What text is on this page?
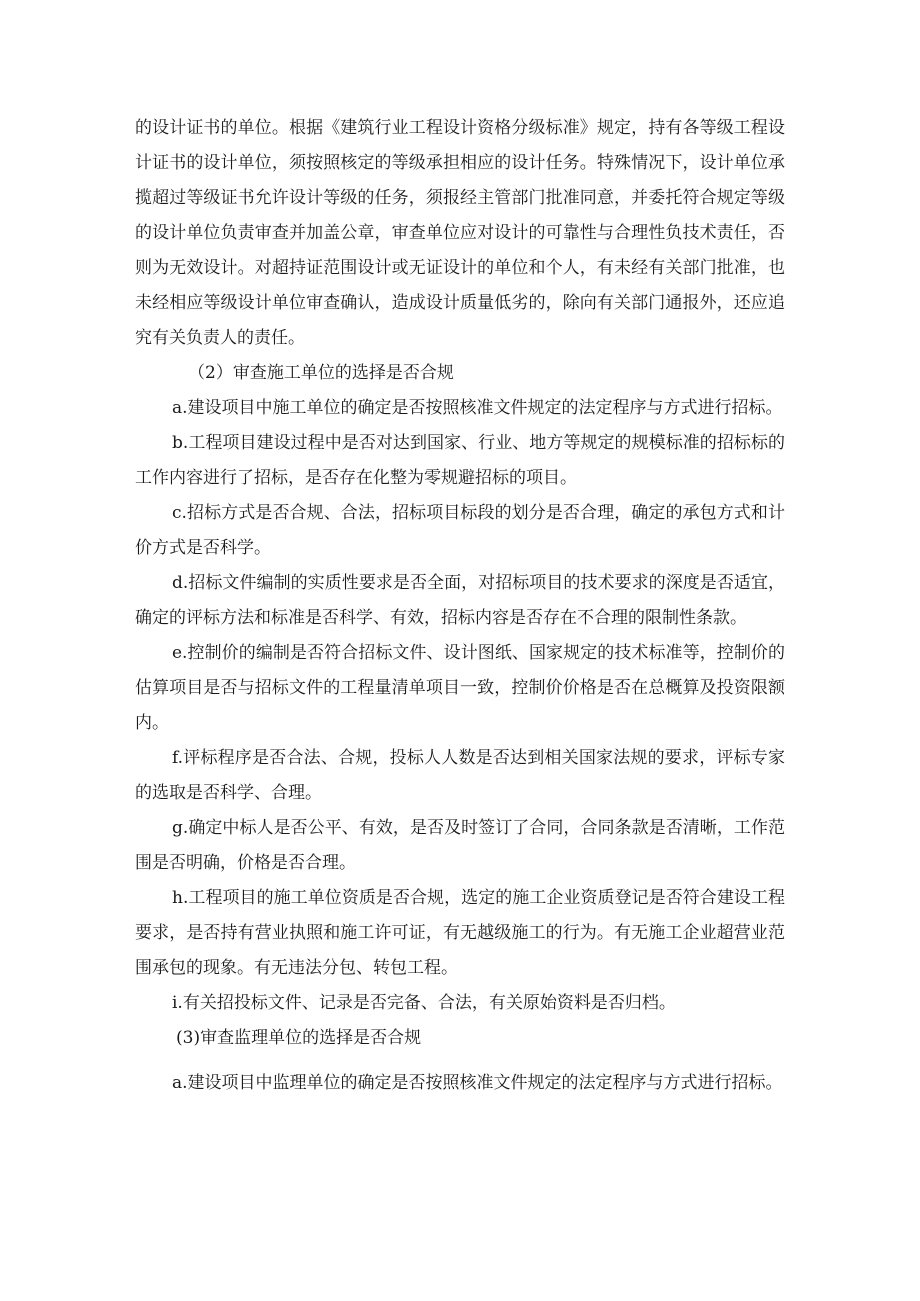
的设计证书的单位。根据《建筑行业工程设计资格分级标准》规定，持有各等级工程设
计证书的设计单位，须按照核定的等级承担相应的设计任务。特殊情况下，设计单位承
揽超过等级证书允许设计等级的任务，须报经主管部门批准同意，并委托符合规定等级
的设计单位负责审查并加盖公章，审查单位应对设计的可靠性与合理性负技术责任，否
则为无效设计。对超持证范围设计或无证设计的单位和个人，有未经有关部门批准，也
未经相应等级设计单位审查确认，造成设计质量低劣的，除向有关部门通报外，还应追
究有关负责人的责任。
（2）审查施工单位的选择是否合规
a.建设项目中施工单位的确定是否按照核准文件规定的法定程序与方式进行招标。
b.工程项目建设过程中是否对达到国家、行业、地方等规定的规模标准的招标标的
工作内容进行了招标，是否存在化整为零规避招标的项目。
c.招标方式是否合规、合法，招标项目标段的划分是否合理，确定的承包方式和计
价方式是否科学。
d.招标文件编制的实质性要求是否全面，对招标项目的技术要求的深度是否适宜，
确定的评标方法和标准是否科学、有效，招标内容是否存在不合理的限制性条款。
e.控制价的编制是否符合招标文件、设计图纸、国家规定的技术标准等，控制价的
估算项目是否与招标文件的工程量清单项目一致，控制价价格是否在总概算及投资限额
内。
f.评标程序是否合法、合规，投标人人数是否达到相关国家法规的要求，评标专家
的选取是否科学、合理。
g.确定中标人是否公平、有效，是否及时签订了合同，合同条款是否清晰，工作范
围是否明确，价格是否合理。
h.工程项目的施工单位资质是否合规，选定的施工企业资质登记是否符合建设工程
要求，是否持有营业执照和施工许可证，有无越级施工的行为。有无施工企业超营业范
围承包的现象。有无违法分包、转包工程。
i.有关招投标文件、记录是否完备、合法，有关原始资料是否归档。
(3)审查监理单位的选择是否合规
a.建设项目中监理单位的确定是否按照核准文件规定的法定程序与方式进行招标。
